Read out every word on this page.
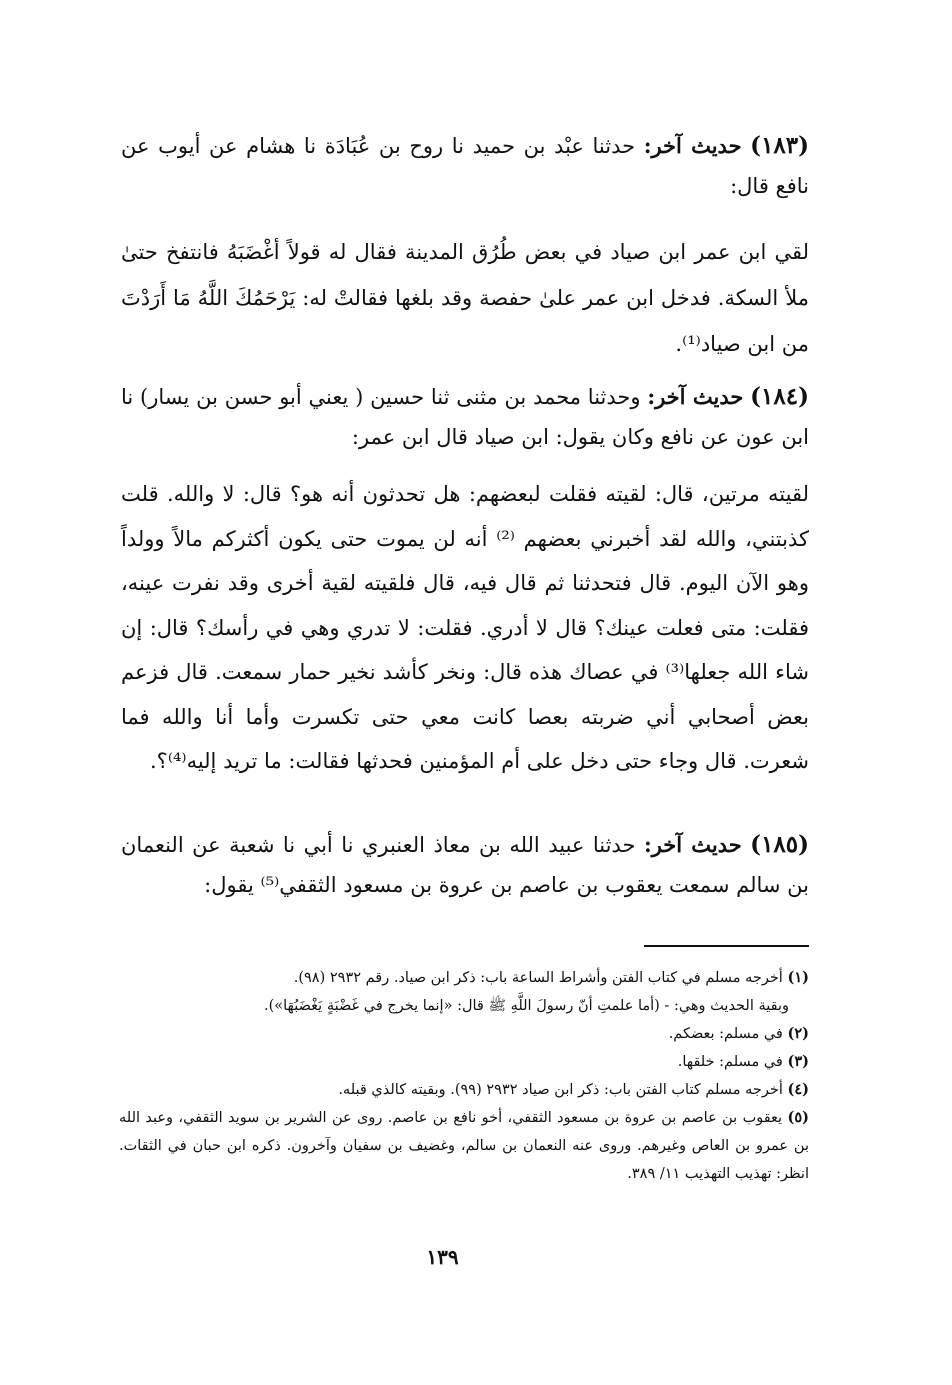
(١٨٣) حديث آخر: حدثنا عبْد بن حميد نا روح بن عُبَادَة نا هشام عن أيوب عن نافع قال:
لقي ابن عمر ابن صياد في بعض طُرُق المدينة فقال له قولاً أغْضَبَهُ فانتفخ حتىٰ ملأ السكة. فدخل ابن عمر علىٰ حفصة وقد بلغها فقالتْ له: يَرْحَمُكَ اللَّهُ مَا أَرَدْتَ من ابن صياد⁽¹⁾.
(١٨٤) حديث آخر: وحدثنا محمد بن مثنى ثنا حسين ( يعني أبو حسن بن يسار) نا ابن عون عن نافع وكان يقول: ابن صياد قال ابن عمر:
لقيته مرتين، قال: لقيته فقلت لبعضهم: هل تحدثون أنه هو؟ قال: لا والله. قلت كذبتني، والله لقد أخبرني بعضهم ⁽²⁾ أنه لن يموت حتى يكون أكثركم مالاً وولداً وهو الآن اليوم. قال فتحدثنا ثم قال فيه، قال فلقيته لقية أخرى وقد نفرت عينه، فقلت: متى فعلت عينك؟ قال لا أدري. فقلت: لا تدري وهي في رأسك؟ قال: إن شاء الله جعلها⁽³⁾ في عصاك هذه قال: ونخر كأشد نخير حمار سمعت. قال فزعم بعض أصحابي أني ضربته بعصا كانت معي حتى تكسرت وأما أنا والله فما شعرت. قال وجاء حتى دخل على أم المؤمنين فحدثها فقالت: ما تريد إليه⁽⁴⁾؟.
(١٨٥) حديث آخر: حدثنا عبيد الله بن معاذ العنبري نا أبي نا شعبة عن النعمان بن سالم سمعت يعقوب بن عاصم بن عروة بن مسعود الثقفي⁽⁵⁾ يقول:

(١) أخرجه مسلم في كتاب الفتن وأشراط الساعة باب: ذكر ابن صياد. رقم ٢٩٣٢ (٩٨).

وبقية الحديث وهي: - (أما علمتِ أنّ رسولَ اللَّهِ ﷺ قال: «إنما يخرج في غَضْبَةٍ يَغْضَبُهَا»).

(٢) في مسلم: بعضكم.

(٣) في مسلم: خلقها.

(٤) أخرجه مسلم كتاب الفتن باب: ذكر ابن صياد ٢٩٣٢ (٩٩). وبقيته كالذي قبله.

(٥) يعقوب بن عاصم بن عروة بن مسعود الثقفي، أخو نافع بن عاصم. روى عن الشرير بن سويد الثقفي، وعبد الله بن عمرو بن العاص وغيرهم. وروى عنه النعمان بن سالم، وغضيف بن سفيان وآخرون. ذكره ابن حبان في الثقات. انظر: تهذيب التهذيب ١١/ ٣٨٩.

١٣٩
